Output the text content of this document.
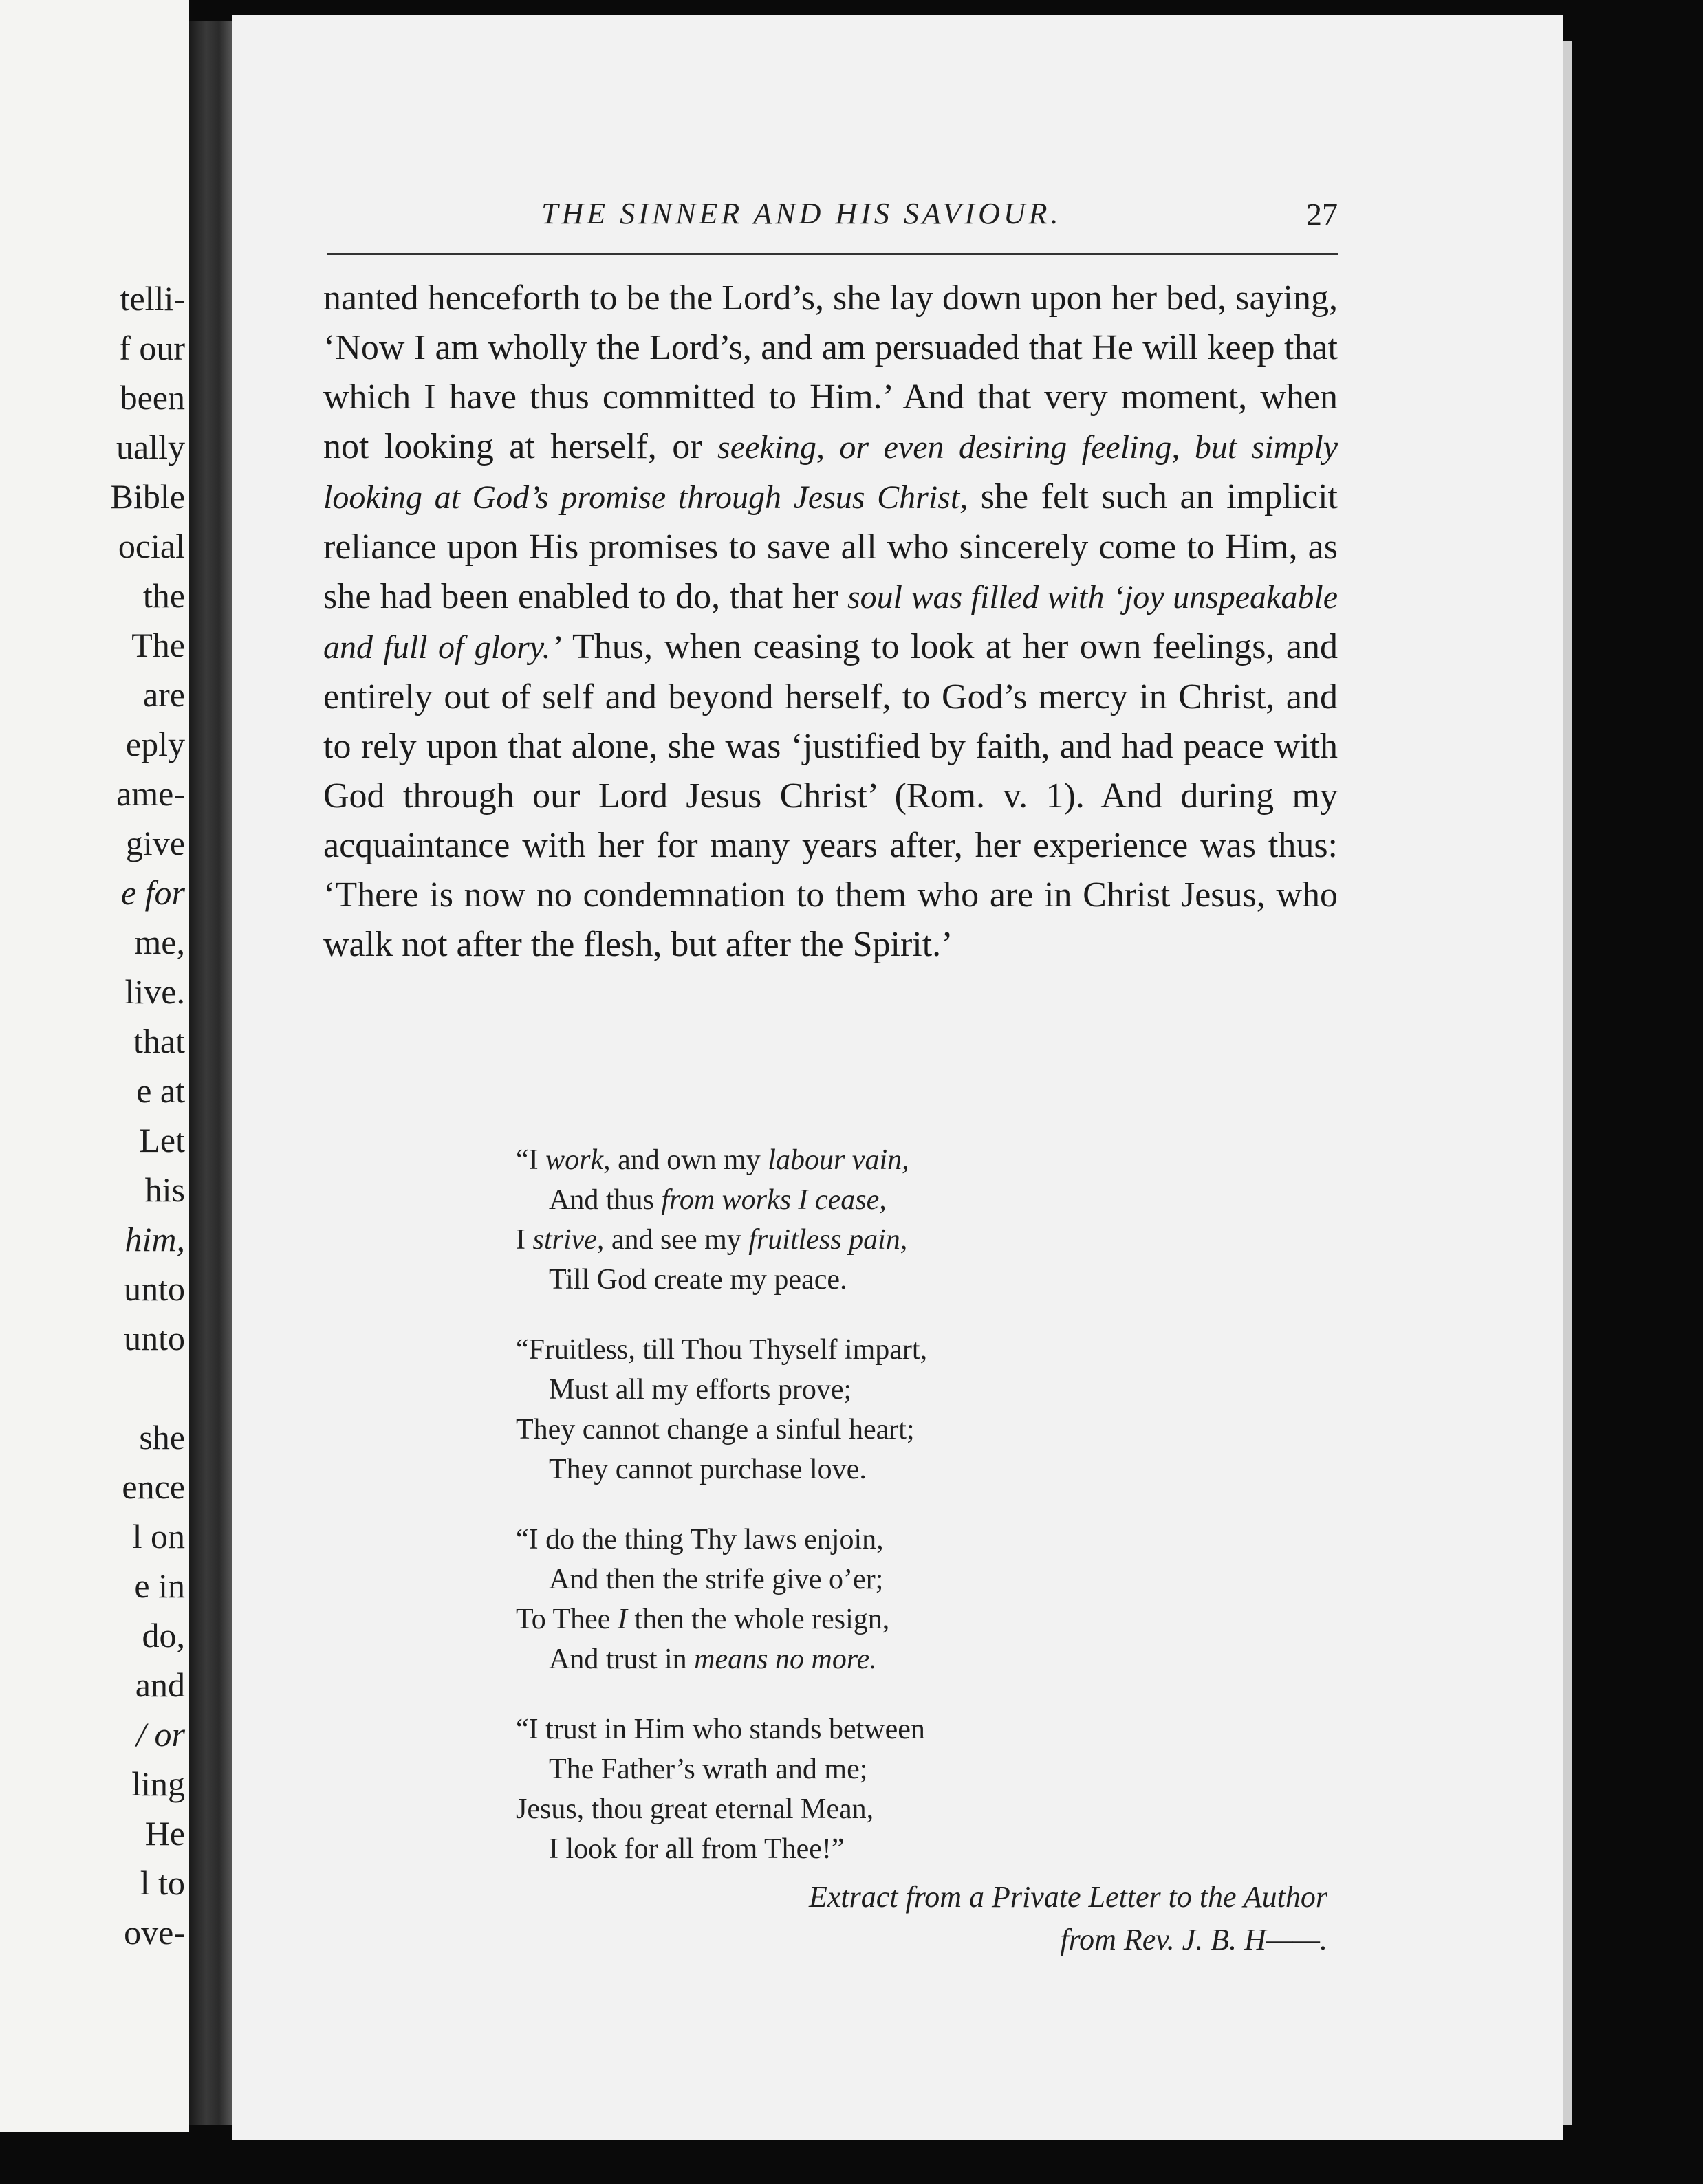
telli-
f our
been
ually
Bible
ocial
the
The
are
eply
ame-
give
e for
me,
live.
that
e at
Let
his
him,
unto
unto
she
ence
l on
e in
do,
and
/ or
ling
He
l to
ove-
THE SINNER AND HIS SAVIOUR.	27
nanted henceforth to be the Lord’s, she lay down upon her bed, saying, ‘Now I am wholly the Lord’s, and am persuaded that He will keep that which I have thus committed to Him.’ And that very moment, when not looking at herself, or seeking, or even desiring feeling, but simply looking at God’s promise through Jesus Christ, she felt such an implicit reliance upon His promises to save all who sincerely come to Him, as she had been enabled to do, that her soul was filled with ‘joy unspeakable and full of glory.’ Thus, when ceasing to look at her own feelings, and entirely out of self and beyond herself, to God’s mercy in Christ, and to rely upon that alone, she was ‘justified by faith, and had peace with God through our Lord Jesus Christ’ (Rom. v. 1). And during my acquaintance with her for many years after, her experience was thus: ‘There is now no condemnation to them who are in Christ Jesus, who walk not after the flesh, but after the Spirit.’
“I work, and own my labour vain,
And thus from works I cease,
I strive, and see my fruitless pain,
Till God create my peace.
“Fruitless, till Thou Thyself impart,
Must all my efforts prove;
They cannot change a sinful heart;
They cannot purchase love.
“I do the thing Thy laws enjoin,
And then the strife give o’er;
To Thee I then the whole resign,
And trust in means no more.
“I trust in Him who stands between
The Father’s wrath and me;
Jesus, thou great eternal Mean,
I look for all from Thee!”
Extract from a Private Letter to the Author
from Rev. J. B. H——.
